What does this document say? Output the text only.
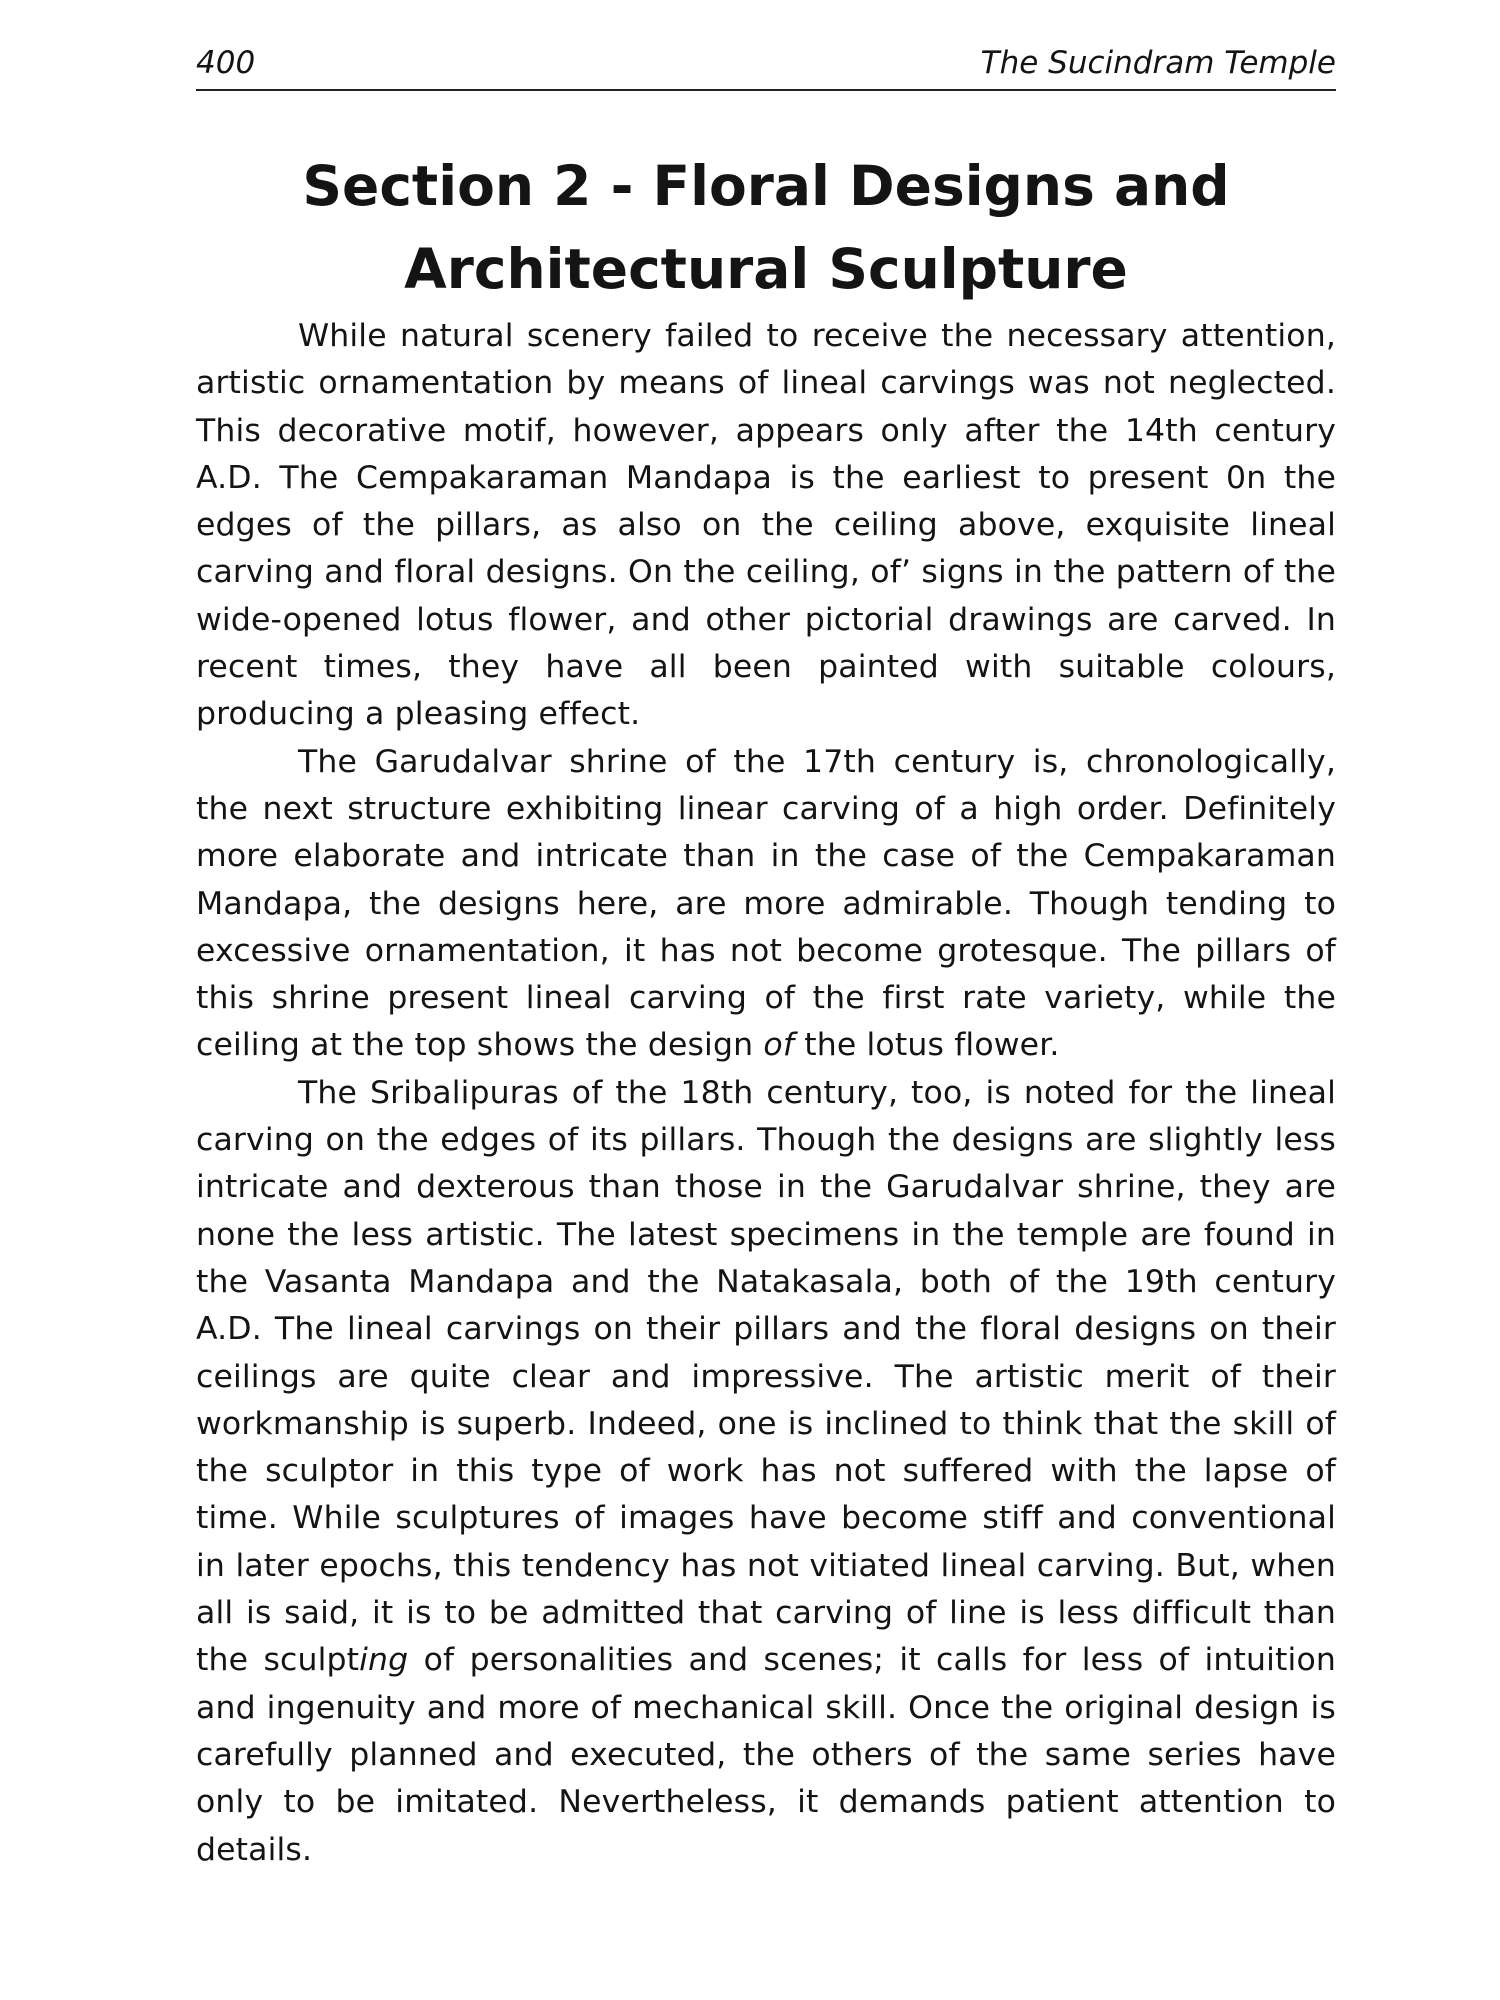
400	The Sucindram Temple
Section 2 - Floral Designs and
Architectural Sculpture

While natural scenery failed to receive the necessary attention, artistic ornamentation by means of lineal carvings was not neglected. This decorative motif, however, appears only after the 14th century A.D. The Cempakaraman Mandapa is the earliest to present 0n the edges of the pillars, as also on the ceiling above, exquisite lineal carving and floral designs. On the ceiling, of’ signs in the pattern of the wide-opened lotus flower, and other pictorial drawings are carved. In recent times, they have all been painted with suitable colours, producing a pleasing effect.

The Garudalvar shrine of the 17th century is, chronologically, the next structure exhibiting linear carving of a high order. Definitely more elaborate and intricate than in the case of the Cempakaraman Mandapa, the designs here, are more admirable. Though tending to excessive ornamentation, it has not become grotesque. The pillars of this shrine present lineal carving of the first rate variety, while the ceiling at the top shows the design of the lotus flower.

The Sribalipuras of the 18th century, too, is noted for the lineal carving on the edges of its pillars. Though the designs are slightly less intricate and dexterous than those in the Garudalvar shrine, they are none the less artistic. The latest specimens in the temple are found in the Vasanta Mandapa and the Natakasala, both of the 19th century A.D. The lineal carvings on their pillars and the floral designs on their ceilings are quite clear and impressive. The artistic merit of their workmanship is superb. Indeed, one is inclined to think that the skill of the sculptor in this type of work has not suffered with the lapse of time. While sculptures of images have become stiff and conventional in later epochs, this tendency has not vitiated lineal carving. But, when all is said, it is to be admitted that carving of line is less difficult than the sculpting of personalities and scenes; it calls for less of intuition and ingenuity and more of mechanical skill. Once the original design is carefully planned and executed, the others of the same series have only to be imitated. Nevertheless, it demands patient attention to details.
